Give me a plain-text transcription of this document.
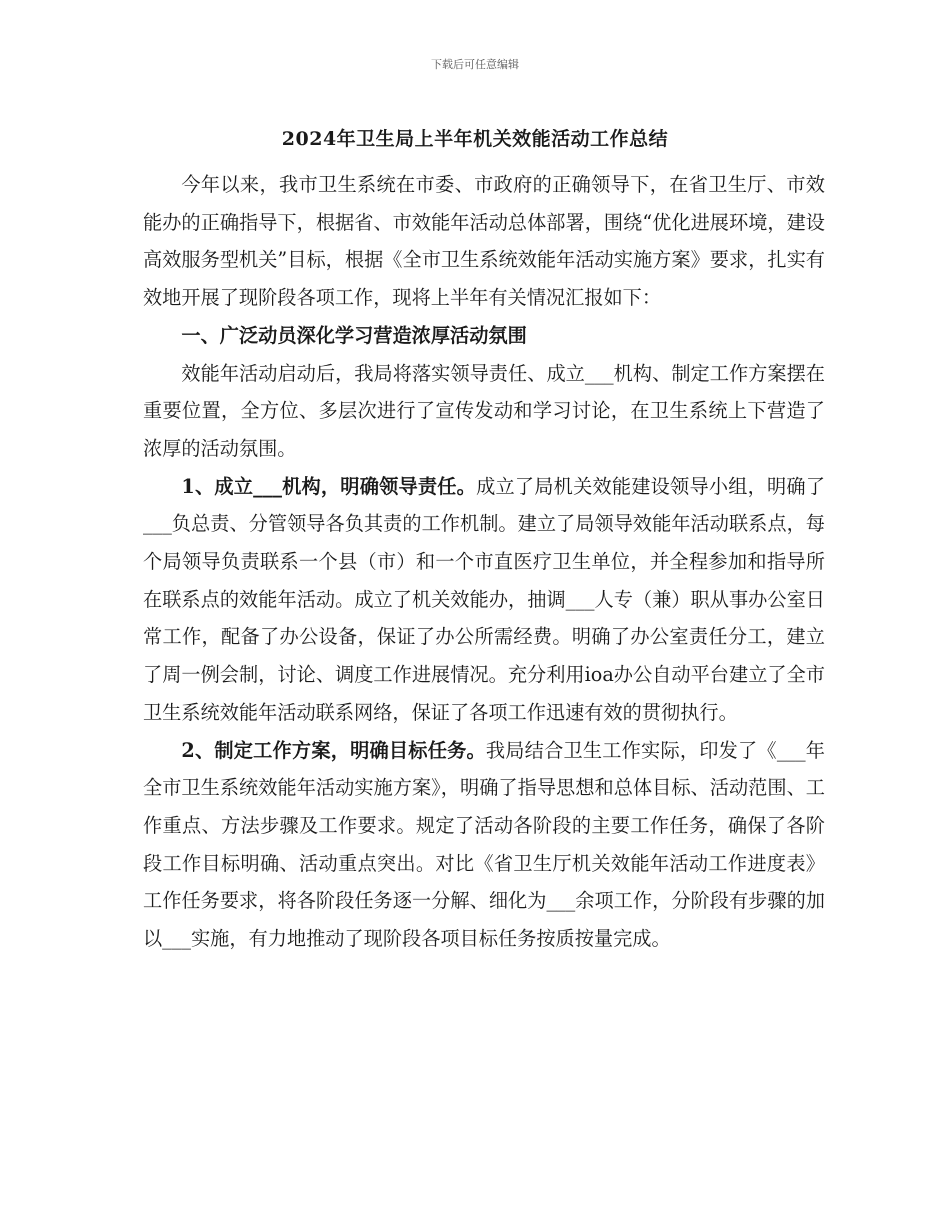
下载后可任意编辑
2024年卫生局上半年机关效能活动工作总结

今年以来，我市卫生系统在市委、市政府的正确领导下，在省卫生厅、市效能办的正确指导下，根据省、市效能年活动总体部署，围绕“优化进展环境，建设高效服务型机关”目标，根据《全市卫生系统效能年活动实施方案》要求，扎实有效地开展了现阶段各项工作，现将上半年有关情况汇报如下：

一、广泛动员深化学习营造浓厚活动氛围

效能年活动启动后，我局将落实领导责任、成立___机构、制定工作方案摆在重要位置，全方位、多层次进行了宣传发动和学习讨论，在卫生系统上下营造了浓厚的活动氛围。

1、成立___机构，明确领导责任。成立了局机关效能建设领导小组，明确了___负总责、分管领导各负其责的工作机制。建立了局领导效能年活动联系点，每个局领导负责联系一个县（市）和一个市直医疗卫生单位，并全程参加和指导所在联系点的效能年活动。成立了机关效能办，抽调___人专（兼）职从事办公室日常工作，配备了办公设备，保证了办公所需经费。明确了办公室责任分工，建立了周一例会制，讨论、调度工作进展情况。充分利用ioa办公自动平台建立了全市卫生系统效能年活动联系网络，保证了各项工作迅速有效的贯彻执行。

2、制定工作方案，明确目标任务。我局结合卫生工作实际，印发了《___年全市卫生系统效能年活动实施方案》，明确了指导思想和总体目标、活动范围、工作重点、方法步骤及工作要求。规定了活动各阶段的主要工作任务，确保了各阶段工作目标明确、活动重点突出。对比《省卫生厅机关效能年活动工作进度表》工作任务要求，将各阶段任务逐一分解、细化为___余项工作，分阶段有步骤的加以___实施，有力地推动了现阶段各项目标任务按质按量完成。
